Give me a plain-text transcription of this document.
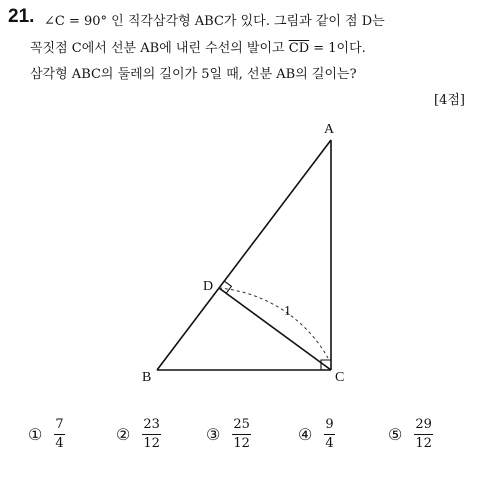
21. ∠C = 90° 인 직각삼각형 ABC가 있다. 그림과 같이 점 D는
꼭짓점 C에서 선분 AB에 내린 수선의 발이고 $\overline{CD} = 1$이다.
삼각형 ABC의 둘레의 길이가 5일 때, 선분 AB의 길이는?
[4점]
A
B	C
D
1
① $\frac{7}{4}$	② $\frac{23}{12}$	③ $\frac{25}{12}$	④ $\frac{9}{4}$	⑤ $\frac{29}{12}$
